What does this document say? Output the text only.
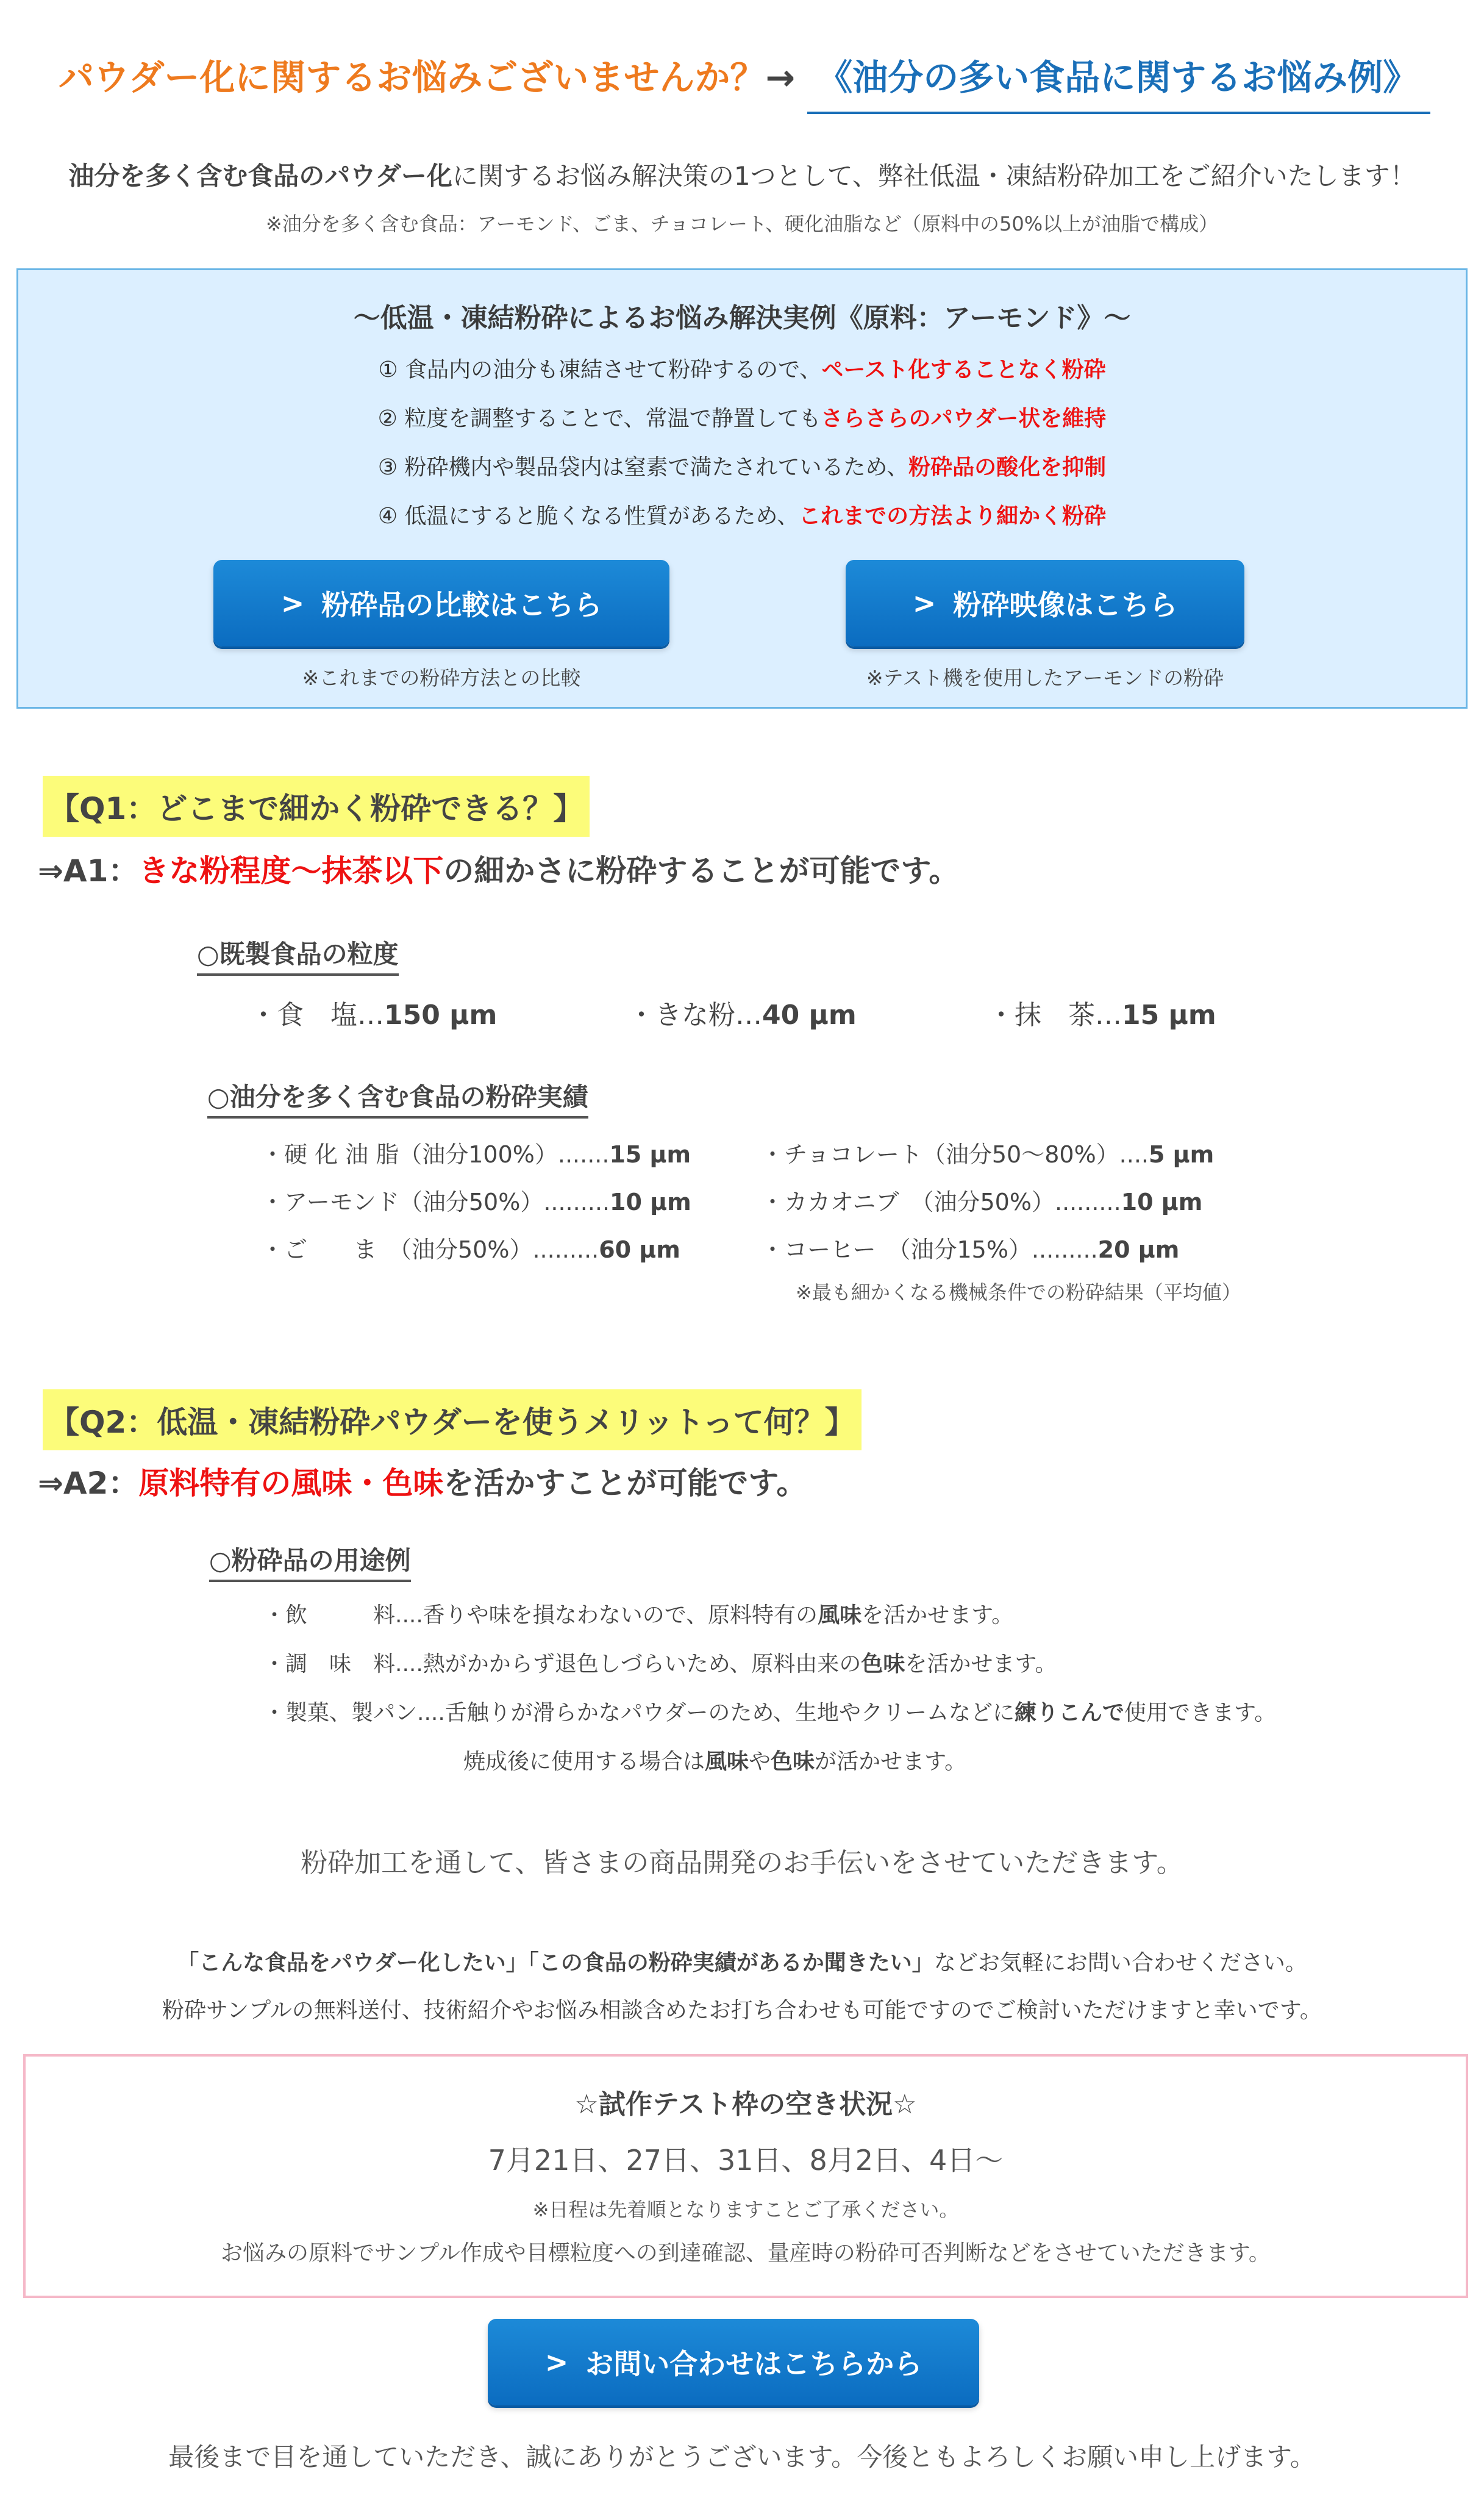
パウダー化に関するお悩みございませんか？→ 《油分の多い食品に関するお悩み例》
油分を多く含む食品のパウダー化に関するお悩み解決策の1つとして、弊社低温・凍結粉砕加工をご紹介いたします！
※油分を多く含む食品：アーモンド、ごま、チョコレート、硬化油脂など（原料中の50%以上が油脂で構成）
～低温・凍結粉砕によるお悩み解決実例《原料：アーモンド》～
① 食品内の油分も凍結させて粉砕するので、ペースト化することなく粉砕
② 粒度を調整することで、常温で静置してもさらさらのパウダー状を維持
③ 粉砕機内や製品袋内は窒素で満たされているため、粉砕品の酸化を抑制
④ 低温にすると脆くなる性質があるため、これまでの方法より細かく粉砕
> 粉砕品の比較はこちら
※これまでの粉砕方法との比較
> 粉砕映像はこちら
※テスト機を使用したアーモンドの粉砕
【Q1：どこまで細かく粉砕できる？】
⇒A1：きな粉程度～抹茶以下の細かさに粉砕することが可能です。
○既製食品の粒度
・食　塩…150 μm	・きな粉…40 μm	・抹　茶…15 μm
○油分を多く含む食品の粉砕実績
・硬 化 油 脂（油分100%）.......15 μm	・チョコレート（油分50～80%）....5 μm
・アーモンド（油分50%）.........10 μm	・カカオニブ　（油分50%）.........10 μm
・ご　　ま　（油分50%）.........60 μm	・コーヒー　（油分15%）.........20 μm
※最も細かくなる機械条件での粉砕結果（平均値）
【Q2：低温・凍結粉砕パウダーを使うメリットって何？】
⇒A2：原料特有の風味・色味を活かすことが可能です。
○粉砕品の用途例
・飲　　　料....香りや味を損なわないので、原料特有の風味を活かせます。
・調　味　料....熱がかからず退色しづらいため、原料由来の色味を活かせます。
・製菓、製パン....舌触りが滑らかなパウダーのため、生地やクリームなどに練りこんで使用できます。
焼成後に使用する場合は風味や色味が活かせます。
粉砕加工を通して、皆さまの商品開発のお手伝いをさせていただきます。
「こんな食品をパウダー化したい」「この食品の粉砕実績があるか聞きたい」などお気軽にお問い合わせください。
粉砕サンプルの無料送付、技術紹介やお悩み相談含めたお打ち合わせも可能ですのでご検討いただけますと幸いです。
☆試作テスト枠の空き状況☆
7月21日、27日、31日、8月2日、4日～
※日程は先着順となりますことご了承ください。
お悩みの原料でサンプル作成や目標粒度への到達確認、量産時の粉砕可否判断などをさせていただきます。
> お問い合わせはこちらから
最後まで目を通していただき、誠にありがとうございます。今後ともよろしくお願い申し上げます。
